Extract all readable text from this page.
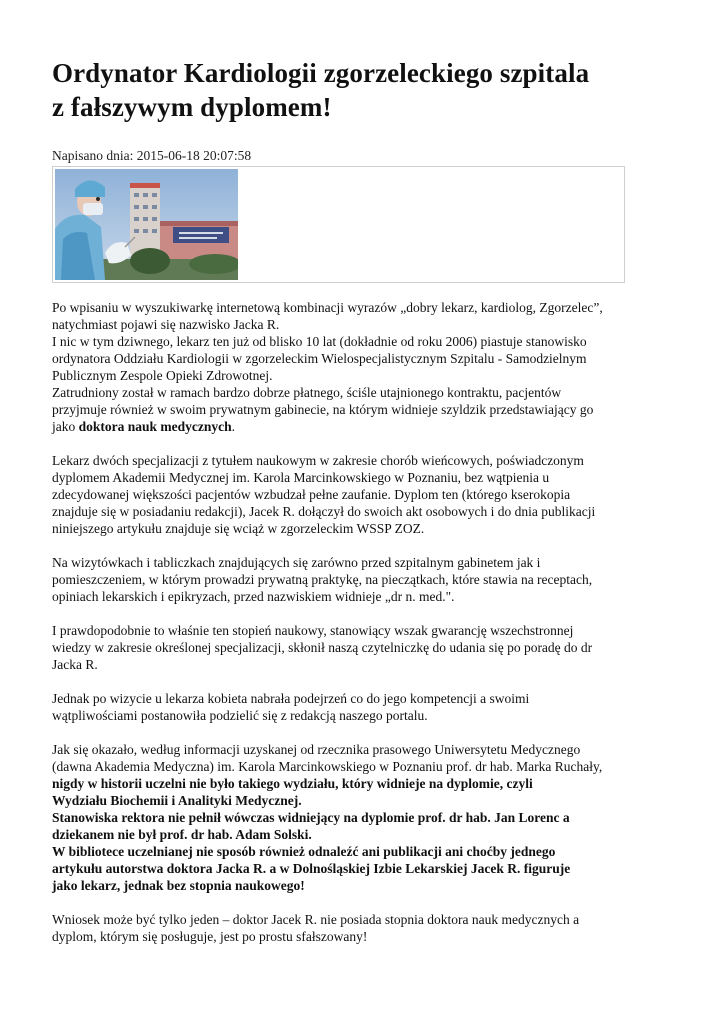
Ordynator Kardiologii zgorzeleckiego szpitala
z fałszywym dyplomem!
Napisano dnia: 2015-06-18 20:07:58

Po wpisaniu w wyszukiwarkę internetową kombinacji wyrazów „dobry lekarz, kardiolog, Zgorzelec”,
natychmiast pojawi się nazwisko Jacka R.
I nic w tym dziwnego, lekarz ten już od blisko 10 lat (dokładnie od roku 2006) piastuje stanowisko
ordynatora Oddziału Kardiologii w zgorzeleckim Wielospecjalistycznym Szpitalu - Samodzielnym
Publicznym Zespole Opieki Zdrowotnej.
Zatrudniony został w ramach bardzo dobrze płatnego, ściśle utajnionego kontraktu, pacjentów
przyjmuje również w swoim prywatnym gabinecie, na którym widnieje szyldzik przedstawiający go
jako doktora nauk medycznych.

Lekarz dwóch specjalizacji z tytułem naukowym w zakresie chorób wieńcowych, poświadczonym
dyplomem Akademii Medycznej im. Karola Marcinkowskiego w Poznaniu, bez wątpienia u
zdecydowanej większości pacjentów wzbudzał pełne zaufanie. Dyplom ten (którego kserokopia
znajduje się w posiadaniu redakcji), Jacek R. dołączył do swoich akt osobowych i do dnia publikacji
niniejszego artykułu znajduje się wciąż w zgorzeleckim WSSP ZOZ.

Na wizytówkach i tabliczkach znajdujących się zarówno przed szpitalnym gabinetem jak i
pomieszczeniem, w którym prowadzi prywatną praktykę, na pieczątkach, które stawia na receptach,
opiniach lekarskich i epikryzach, przed nazwiskiem widnieje „dr n. med.".

I prawdopodobnie to właśnie ten stopień naukowy, stanowiący wszak gwarancję wszechstronnej
wiedzy w zakresie określonej specjalizacji, skłonił naszą czytelniczkę do udania się po poradę do dr
Jacka R.

Jednak po wizycie u lekarza kobieta nabrała podejrzeń co do jego kompetencji a swoimi
wątpliwościami postanowiła podzielić się z redakcją naszego portalu.

Jak się okazało, według informacji uzyskanej od rzecznika prasowego Uniwersytetu Medycznego
(dawna Akademia Medyczna) im. Karola Marcinkowskiego w Poznaniu prof. dr hab. Marka Ruchały,
nigdy w historii uczelni nie było takiego wydziału, który widnieje na dyplomie, czyli
Wydziału Biochemii i Analityki Medycznej.
Stanowiska rektora nie pełnił wówczas widniejący na dyplomie prof. dr hab. Jan Lorenc a
dziekanem nie był prof. dr hab. Adam Solski.
W bibliotece uczelnianej nie sposób również odnaleźć ani publikacji ani choćby jednego
artykułu autorstwa doktora Jacka R. a w Dolnośląskiej Izbie Lekarskiej Jacek R. figuruje
jako lekarz, jednak bez stopnia naukowego!

Wniosek może być tylko jeden – doktor Jacek R. nie posiada stopnia doktora nauk medycznych a
dyplom, którym się posługuje, jest po prostu sfałszowany!
